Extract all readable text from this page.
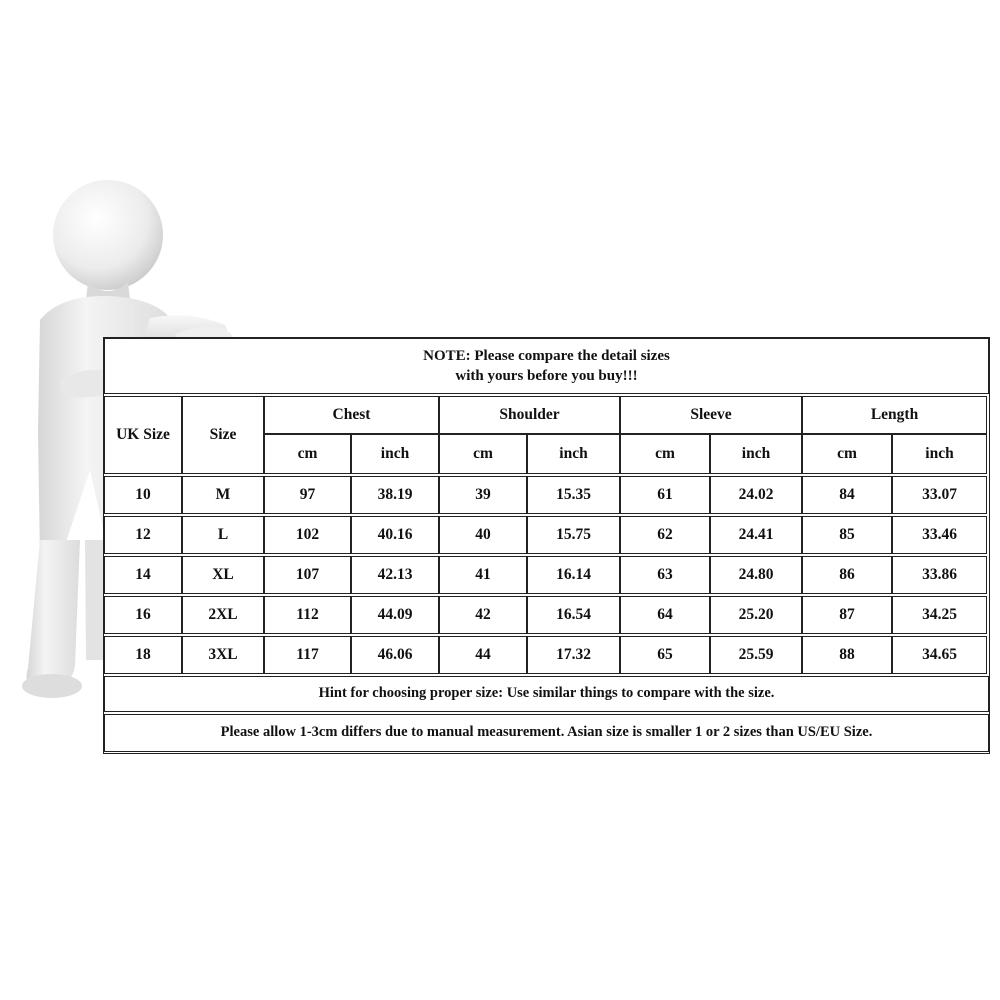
NOTE: Please compare the detail sizes
with yours before you buy!!!
UK Size	Size
Chest	Shoulder	Sleeve	Length
cm	inch	cm	inch	cm	inch	cm	inch
10	M	97	38.19	39	15.35	61	24.02	84	33.07
12	L	102	40.16	40	15.75	62	24.41	85	33.46
14	XL	107	42.13	41	16.14	63	24.80	86	33.86
16	2XL	112	44.09	42	16.54	64	25.20	87	34.25
18	3XL	117	46.06	44	17.32	65	25.59	88	34.65
Hint for choosing proper size: Use similar things to compare with the size.
Please allow 1-3cm differs due to manual measurement. Asian size is smaller 1 or 2 sizes than US/EU Size.
